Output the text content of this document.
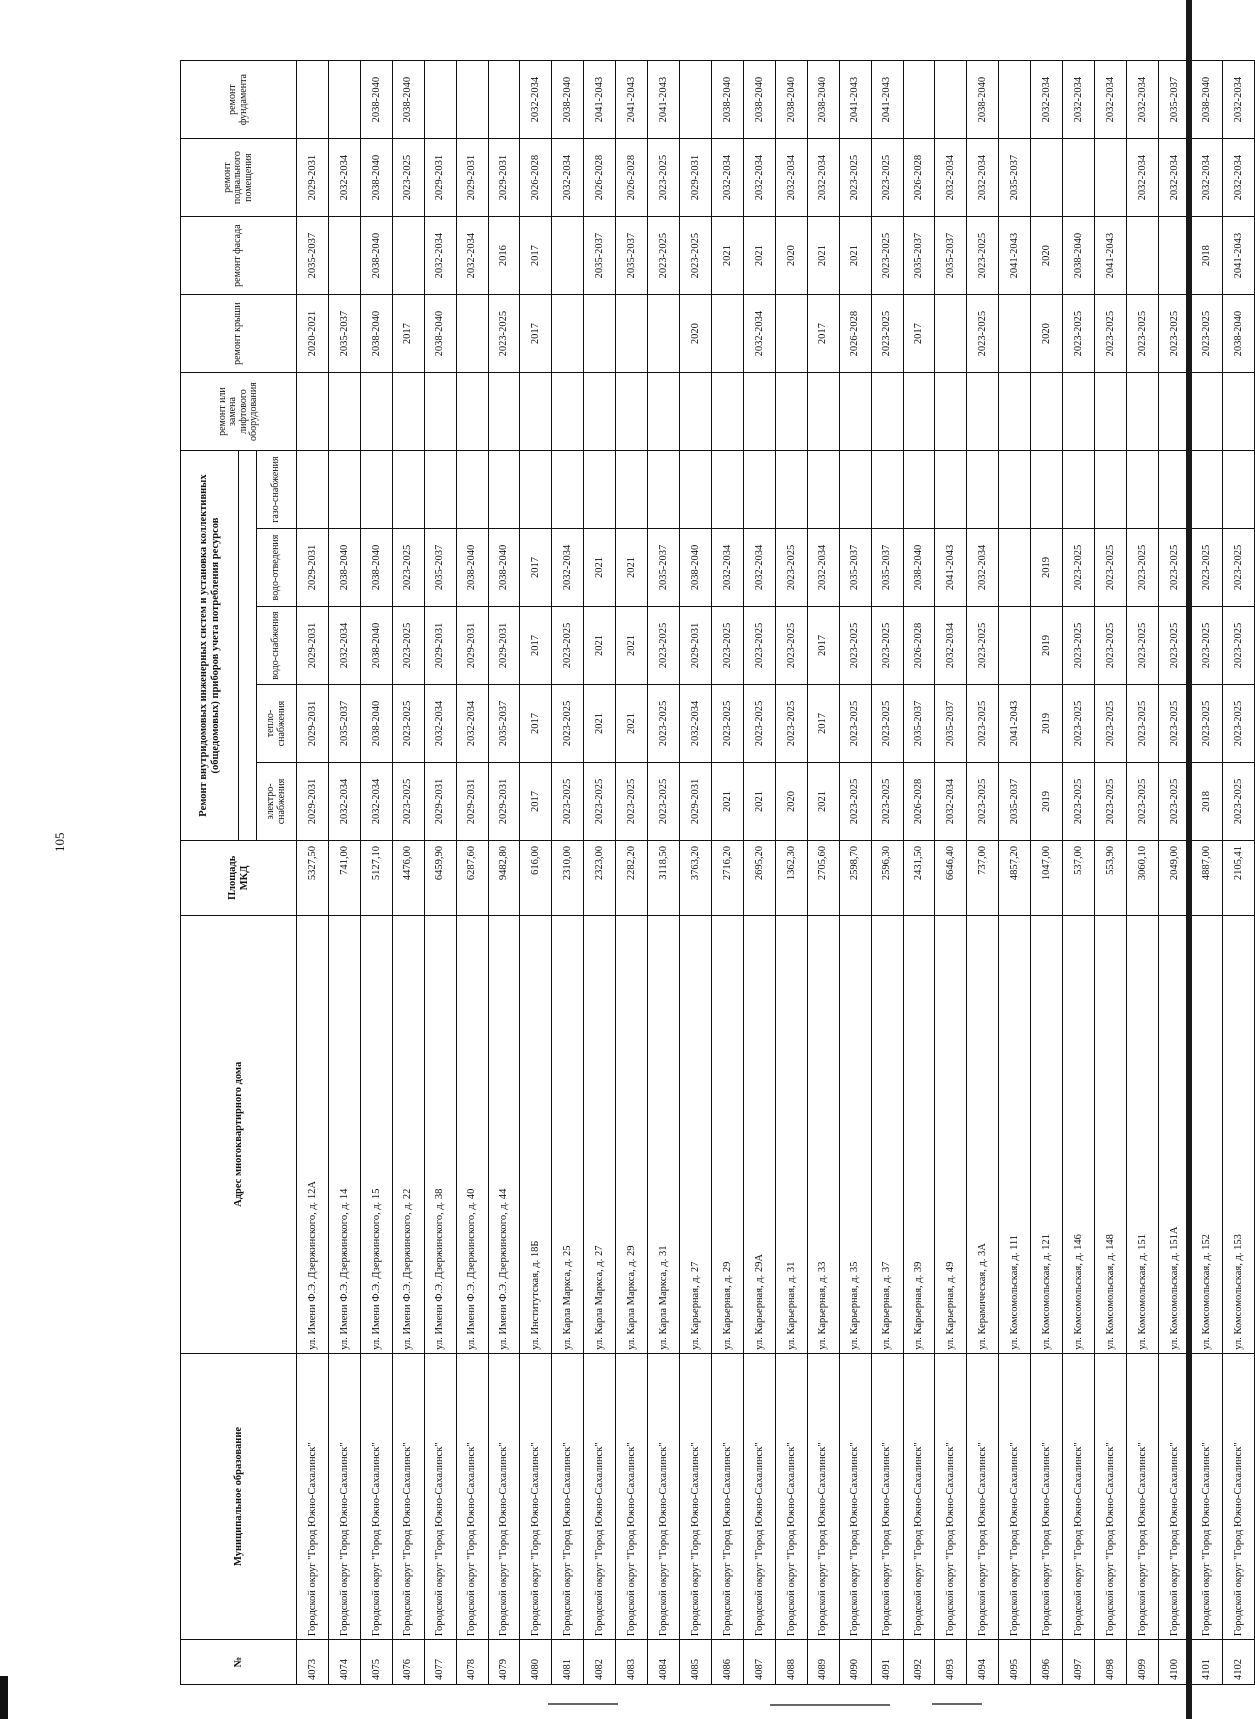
105
№	Муниципальное образование	Адрес многоквартирного дома	Площадь МКД	Ремонт внутридомовых инженерных систем и установка коллективных (общедомовых) приборов учета потребления ресурсов					ремонт или замена лифтового оборудования	ремонт крыши	ремонт фасада	ремонт подвального помещения	ремонт фундамента

				электро-снабжения	тепло-снабжения	водо-снабжения	водо-отведения	газо-снабжения					
4073	Городской округ "Город Южно-Сахалинск"	ул. Имени Ф.Э. Дзержинского, д. 12А	5327,50	2029-2031	2029-2031	2029-2031	2029-2031			2020-2021	2035-2037	2029-2031	
4074	Городской округ "Город Южно-Сахалинск"	ул. Имени Ф.Э. Дзержинского, д. 14	741,00	2032-2034	2035-2037	2032-2034	2038-2040			2035-2037		2032-2034	
4075	Городской округ "Город Южно-Сахалинск"	ул. Имени Ф.Э. Дзержинского, д. 15	5127,10	2032-2034	2038-2040	2038-2040	2038-2040			2038-2040	2038-2040	2038-2040	2038-2040
4076	Городской округ "Город Южно-Сахалинск"	ул. Имени Ф.Э. Дзержинского, д. 22	4476,00	2023-2025	2023-2025	2023-2025	2023-2025			2017		2023-2025	2038-2040
4077	Городской округ "Город Южно-Сахалинск"	ул. Имени Ф.Э. Дзержинского, д. 38	6459,90	2029-2031	2032-2034	2029-2031	2035-2037			2038-2040	2032-2034	2029-2031	
4078	Городской округ "Город Южно-Сахалинск"	ул. Имени Ф.Э. Дзержинского, д. 40	6287,60	2029-2031	2032-2034	2029-2031	2038-2040				2032-2034	2029-2031	
4079	Городской округ "Город Южно-Сахалинск"	ул. Имени Ф.Э. Дзержинского, д. 44	9482,80	2029-2031	2035-2037	2029-2031	2038-2040			2023-2025	2016	2029-2031	
4080	Городской округ "Город Южно-Сахалинск"	ул. Институтская, д. 18Б	616,00	2017	2017	2017	2017			2017	2017	2026-2028	2032-2034
4081	Городской округ "Город Южно-Сахалинск"	ул. Карла Маркса, д. 25	2310,00	2023-2025	2023-2025	2023-2025	2032-2034					2032-2034	2038-2040
4082	Городской округ "Город Южно-Сахалинск"	ул. Карла Маркса, д. 27	2323,00	2023-2025	2021	2021	2021				2035-2037	2026-2028	2041-2043
4083	Городской округ "Город Южно-Сахалинск"	ул. Карла Маркса, д. 29	2282,20	2023-2025	2021	2021	2021				2035-2037	2026-2028	2041-2043
4084	Городской округ "Город Южно-Сахалинск"	ул. Карла Маркса, д. 31	3118,50	2023-2025	2023-2025	2023-2025	2035-2037				2023-2025	2023-2025	2041-2043
4085	Городской округ "Город Южно-Сахалинск"	ул. Карьерная, д. 27	3763,20	2029-2031	2032-2034	2029-2031	2038-2040			2020	2023-2025	2029-2031	
4086	Городской округ "Город Южно-Сахалинск"	ул. Карьерная, д. 29	2716,20	2021	2023-2025	2023-2025	2032-2034				2021	2032-2034	2038-2040
4087	Городской округ "Город Южно-Сахалинск"	ул. Карьерная, д. 29А	2695,20	2021	2023-2025	2023-2025	2032-2034			2032-2034	2021	2032-2034	2038-2040
4088	Городской округ "Город Южно-Сахалинск"	ул. Карьерная, д. 31	1362,30	2020	2023-2025	2023-2025	2023-2025				2020	2032-2034	2038-2040
4089	Городской округ "Город Южно-Сахалинск"	ул. Карьерная, д. 33	2705,60	2021	2017	2017	2032-2034			2017	2021	2032-2034	2038-2040
4090	Городской округ "Город Южно-Сахалинск"	ул. Карьерная, д. 35	2598,70	2023-2025	2023-2025	2023-2025	2035-2037			2026-2028	2021	2023-2025	2041-2043
4091	Городской округ "Город Южно-Сахалинск"	ул. Карьерная, д. 37	2596,30	2023-2025	2023-2025	2023-2025	2035-2037			2023-2025	2023-2025	2023-2025	2041-2043
4092	Городской округ "Город Южно-Сахалинск"	ул. Карьерная, д. 39	2431,50	2026-2028	2035-2037	2026-2028	2038-2040			2017	2035-2037	2026-2028	
4093	Городской округ "Город Южно-Сахалинск"	ул. Карьерная, д. 49	6646,40	2032-2034	2035-2037	2032-2034	2041-2043				2035-2037	2032-2034	
4094	Городской округ "Город Южно-Сахалинск"	ул. Керамическая, д. 3А	737,00	2023-2025	2023-2025	2023-2025	2032-2034			2023-2025	2023-2025	2032-2034	2038-2040
4095	Городской округ "Город Южно-Сахалинск"	ул. Комсомольская, д. 111	4857,20	2035-2037	2041-2043						2041-2043	2035-2037	
4096	Городской округ "Город Южно-Сахалинск"	ул. Комсомольская, д. 121	1047,00	2019	2019	2019	2019			2020	2020		2032-2034
4097	Городской округ "Город Южно-Сахалинск"	ул. Комсомольская, д. 146	537,00	2023-2025	2023-2025	2023-2025	2023-2025			2023-2025	2038-2040		2032-2034
4098	Городской округ "Город Южно-Сахалинск"	ул. Комсомольская, д. 148	553,90	2023-2025	2023-2025	2023-2025	2023-2025			2023-2025	2041-2043		2032-2034
4099	Городской округ "Город Южно-Сахалинск"	ул. Комсомольская, д. 151	3060,10	2023-2025	2023-2025	2023-2025	2023-2025			2023-2025		2032-2034	2032-2034
4100	Городской округ "Город Южно-Сахалинск"	ул. Комсомольская, д. 151А	2049,00	2023-2025	2023-2025	2023-2025	2023-2025			2023-2025		2032-2034	2035-2037
4101	Городской округ "Город Южно-Сахалинск"	ул. Комсомольская, д. 152	4887,00	2018	2023-2025	2023-2025	2023-2025			2023-2025	2018	2032-2034	2038-2040
4102	Городской округ "Город Южно-Сахалинск"	ул. Комсомольская, д. 153	2105,41	2023-2025	2023-2025	2023-2025	2023-2025			2038-2040	2041-2043	2032-2034	2032-2034
